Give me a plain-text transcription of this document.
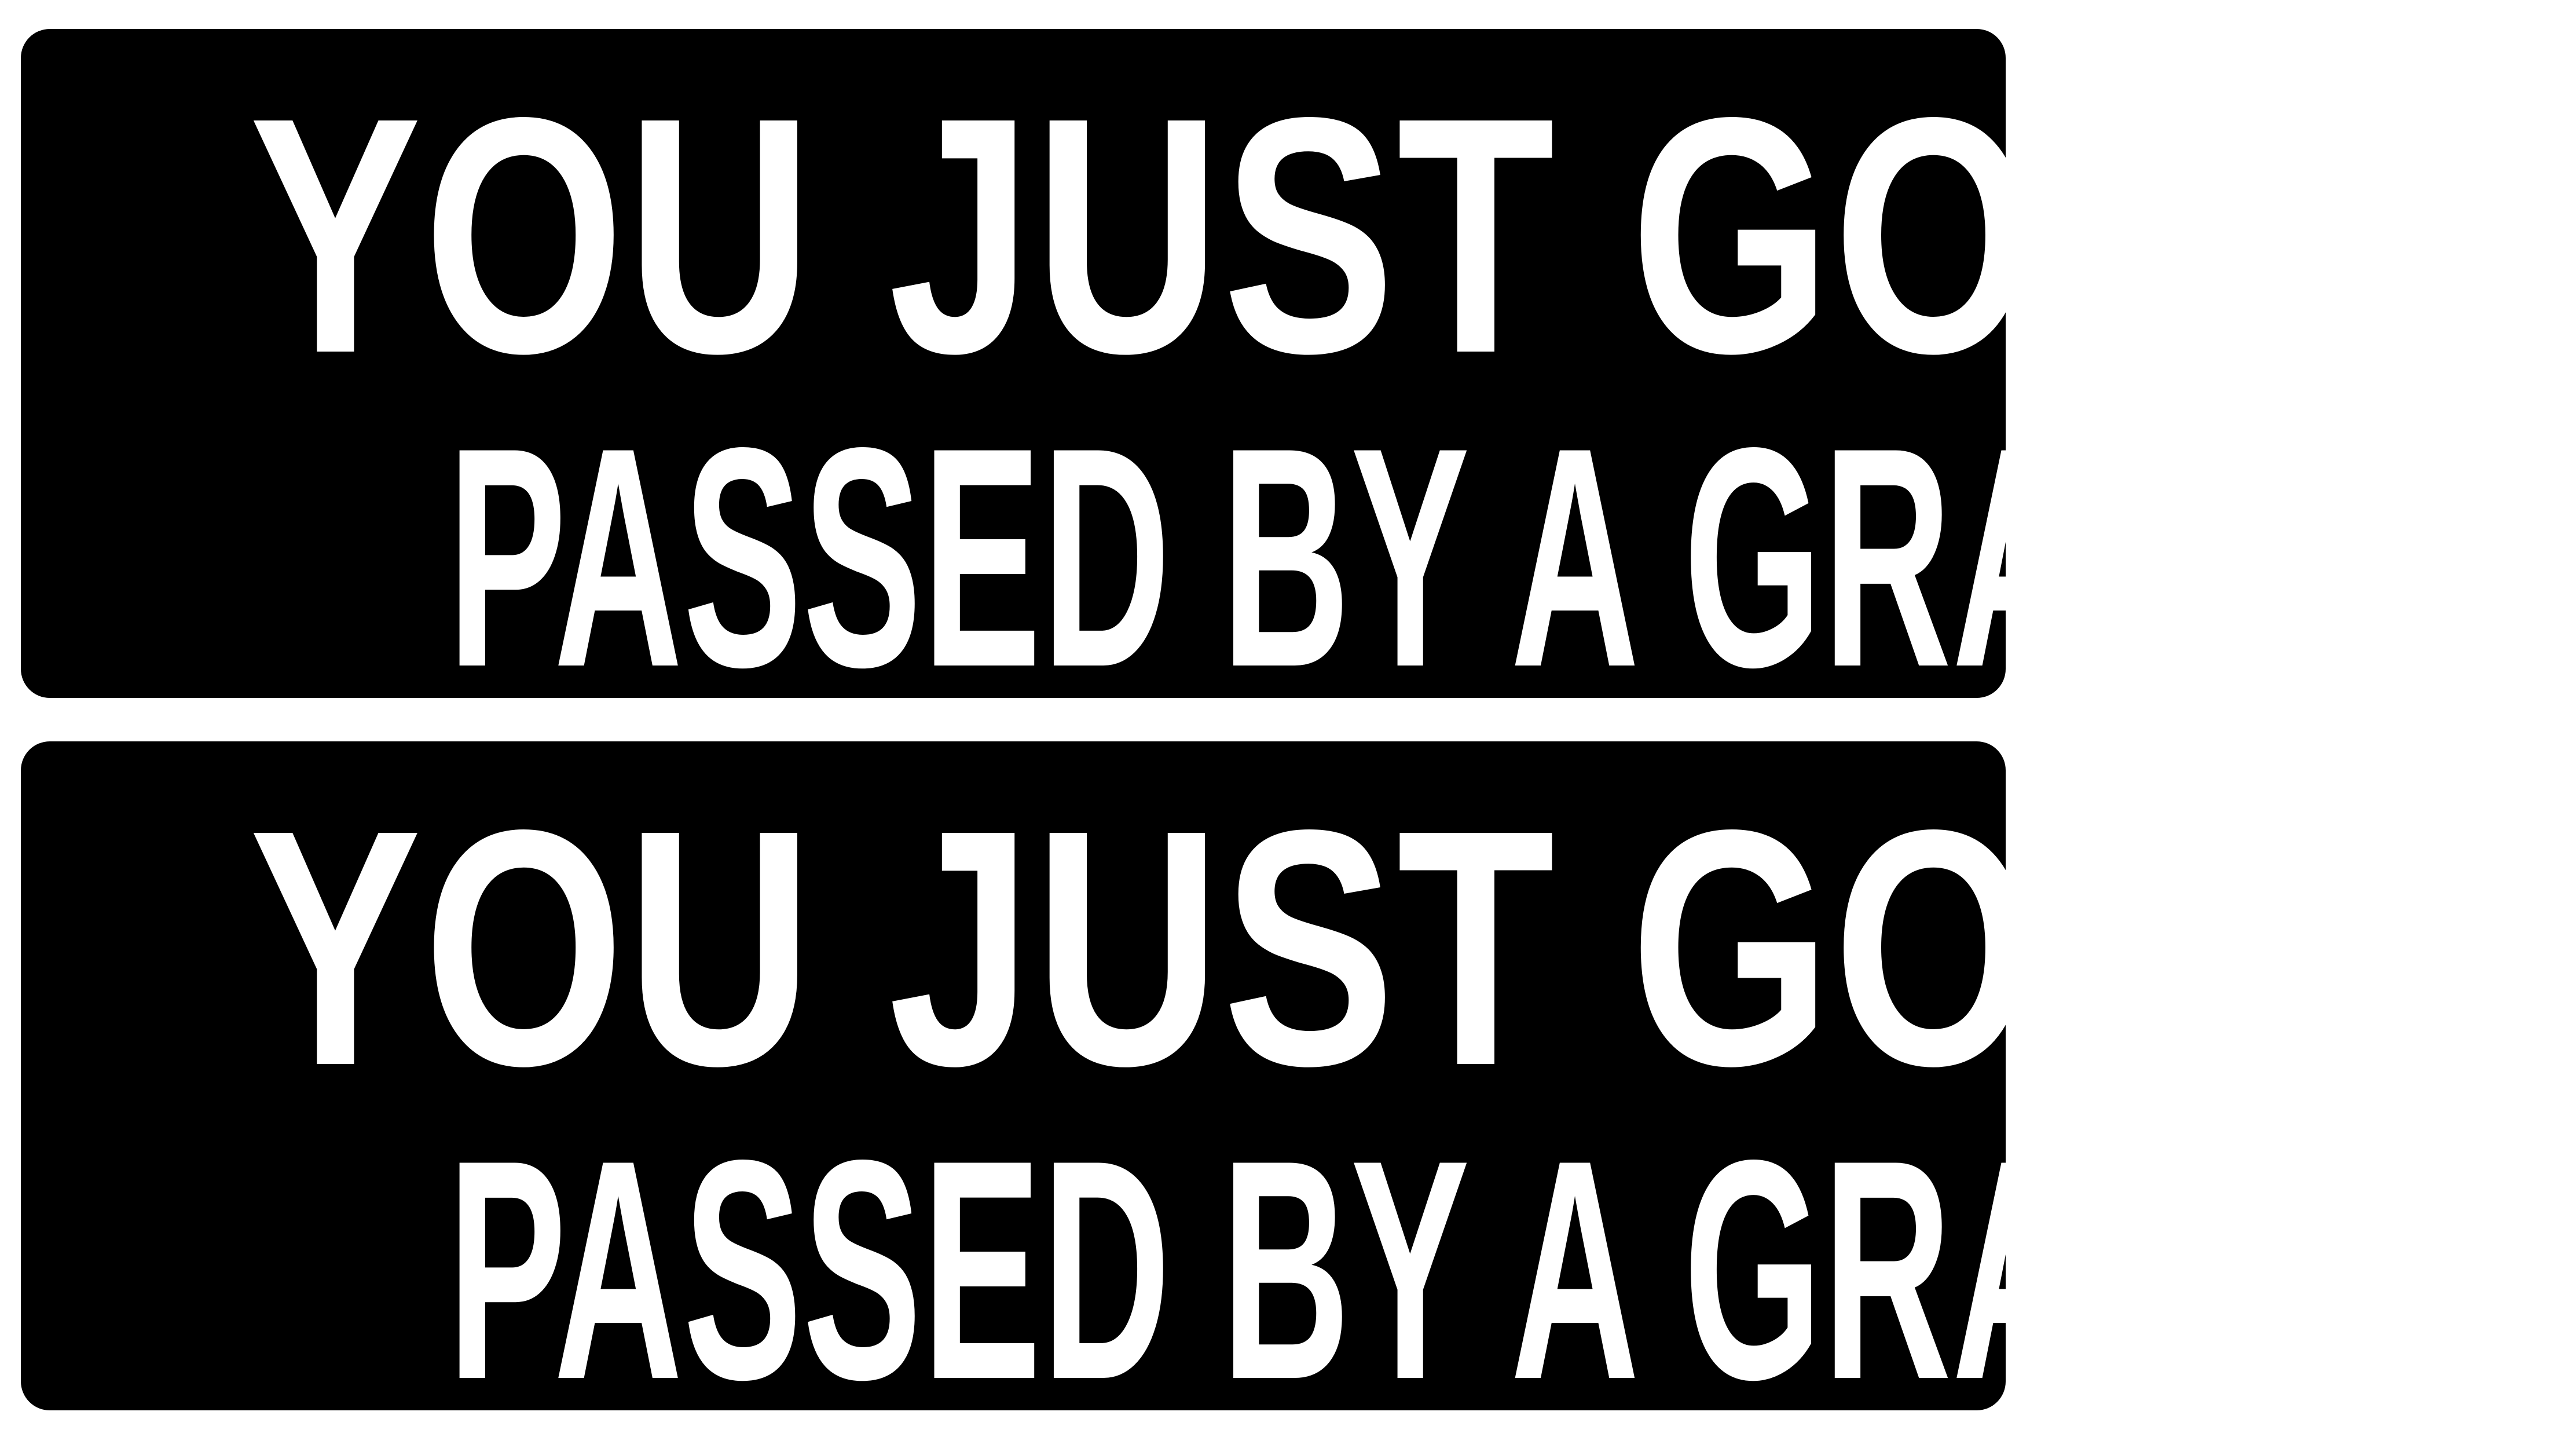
YOU JUST GOT
PASSED BY A GRANDPA
YOU JUST GOT
PASSED BY A GRANDPA
